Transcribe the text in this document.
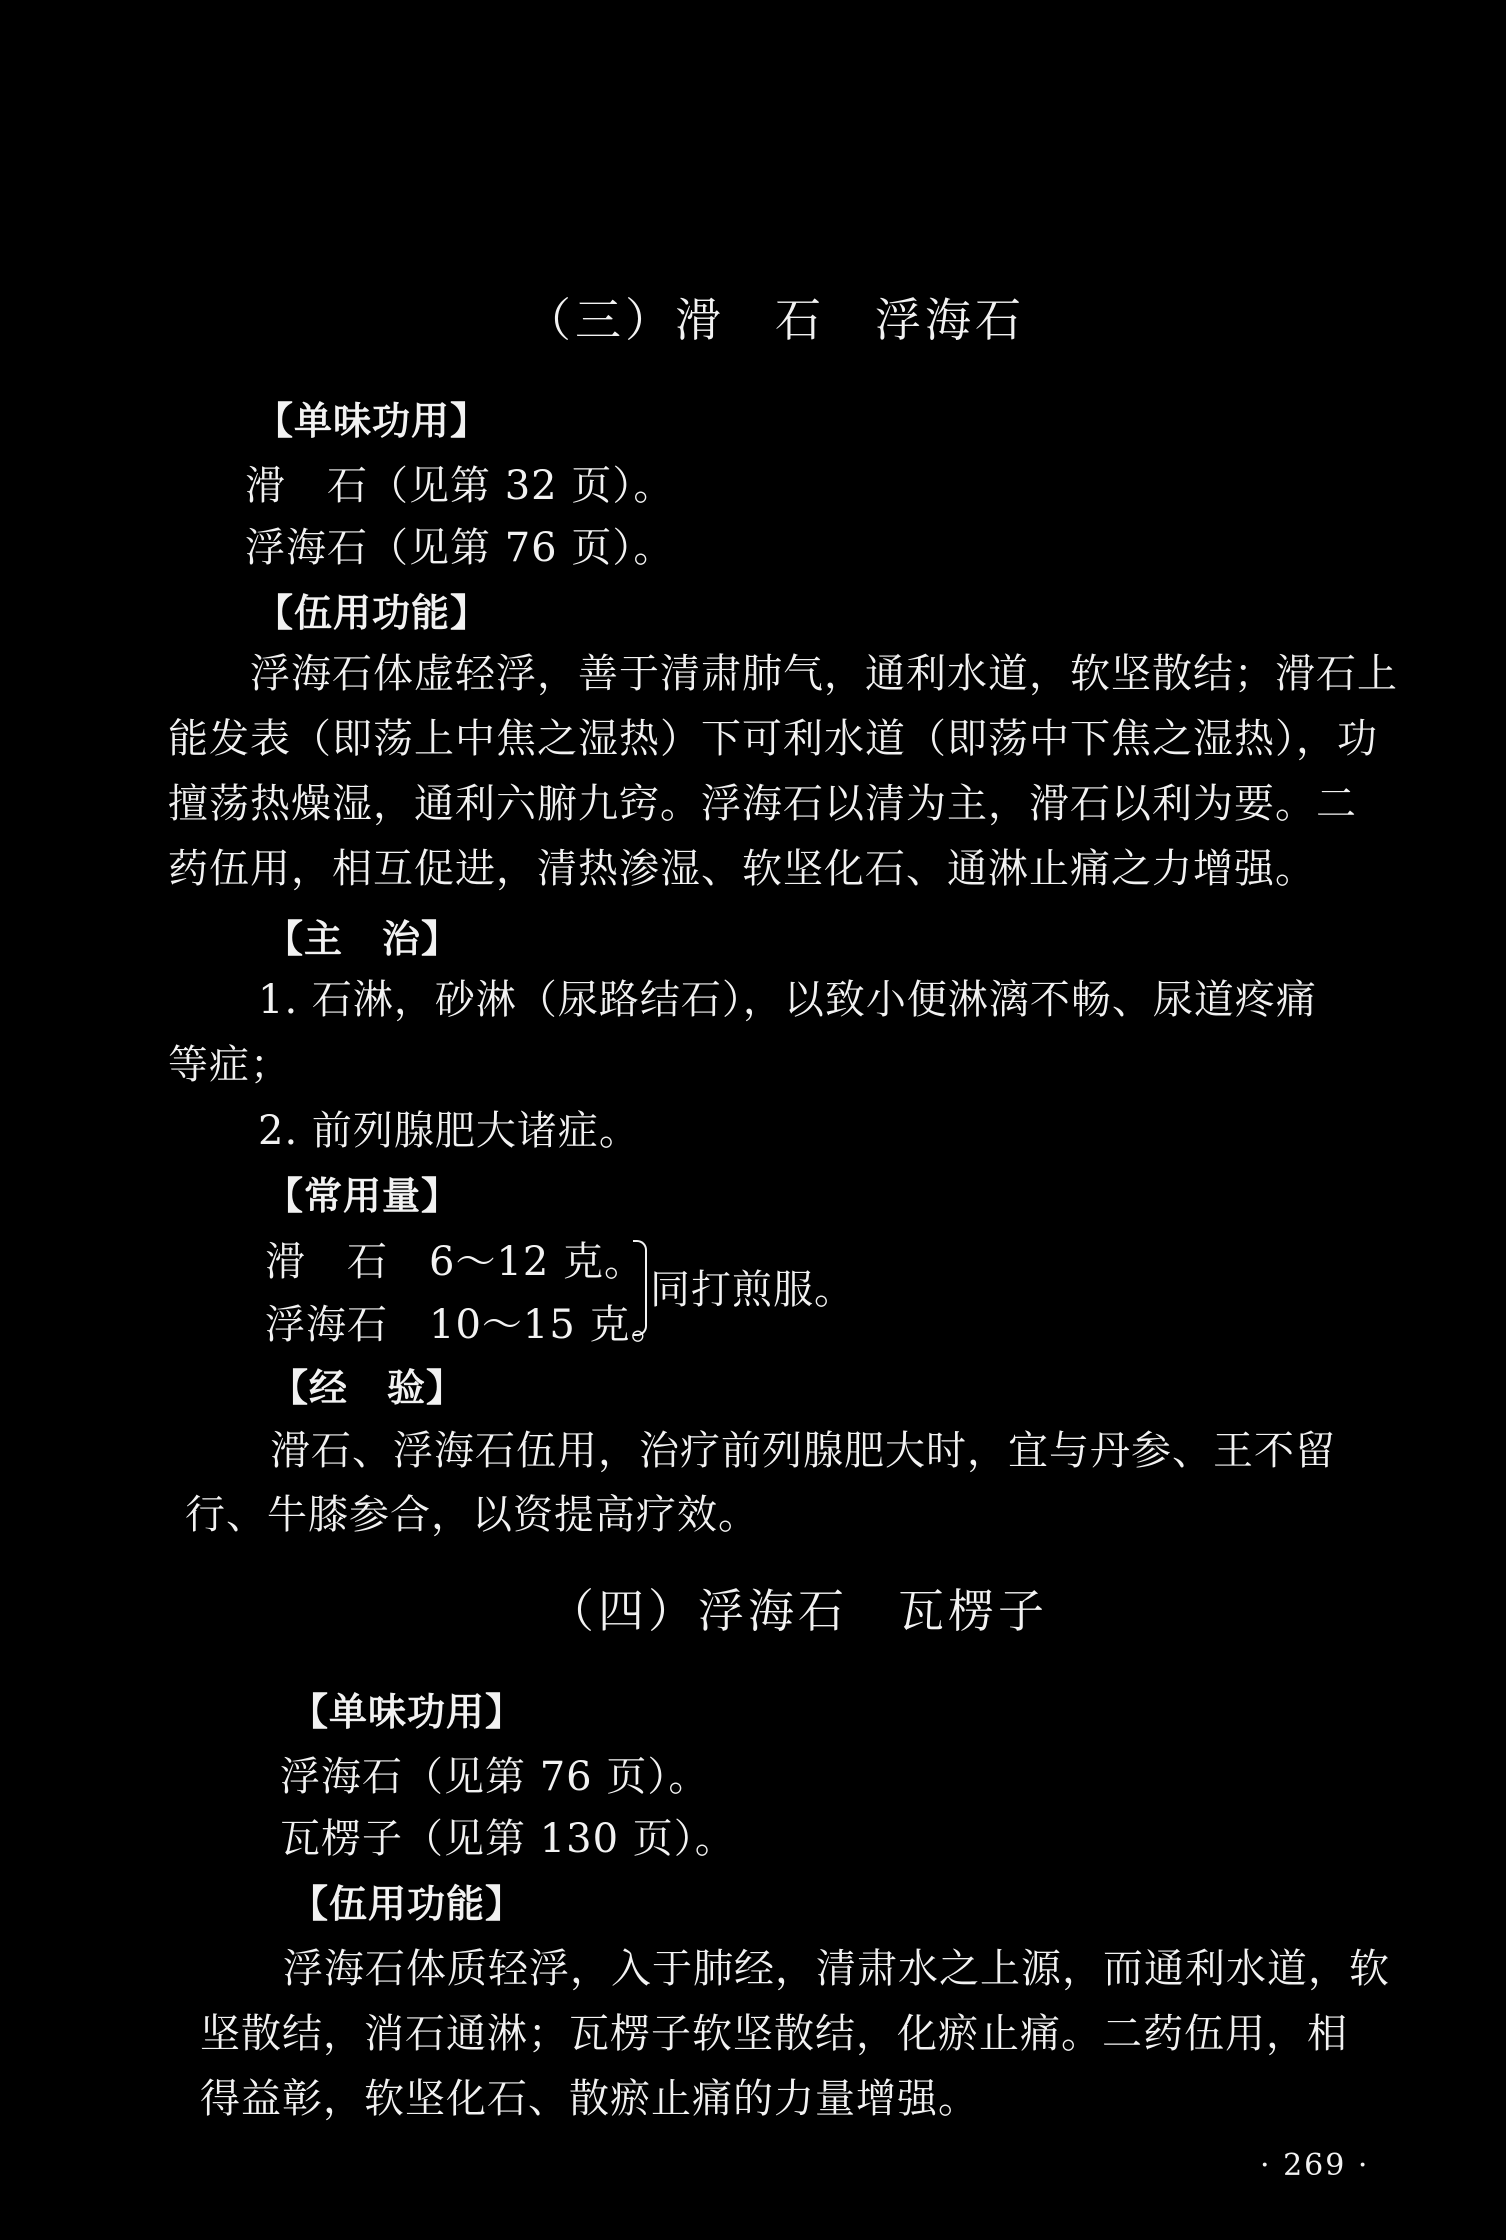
（三）滑　石　浮海石
【单味功用】
滑　石（见第 32 页）。
浮海石（见第 76 页）。
【伍用功能】
浮海石体虚轻浮，善于清肃肺气，通利水道，软坚散结；滑石上
能发表（即荡上中焦之湿热）下可利水道（即荡中下焦之湿热），功
擅荡热燥湿，通利六腑九窍。浮海石以清为主，滑石以利为要。二
药伍用，相互促进，清热渗湿、软坚化石、通淋止痛之力增强。
【主　治】
1. 石淋，砂淋（尿路结石），以致小便淋漓不畅、尿道疼痛
等症；
2. 前列腺肥大诸症。
【常用量】
滑　石　6～12 克。
浮海石　10～15 克。
同打煎服。
【经　验】
滑石、浮海石伍用，治疗前列腺肥大时，宜与丹参、王不留
行、牛膝参合，以资提高疗效。
（四）浮海石　瓦楞子
【单味功用】
浮海石（见第 76 页）。
瓦楞子（见第 130 页）。
【伍用功能】
浮海石体质轻浮，入于肺经，清肃水之上源，而通利水道，软
坚散结，消石通淋；瓦楞子软坚散结，化瘀止痛。二药伍用，相
得益彰，软坚化石、散瘀止痛的力量增强。
· 269 ·
